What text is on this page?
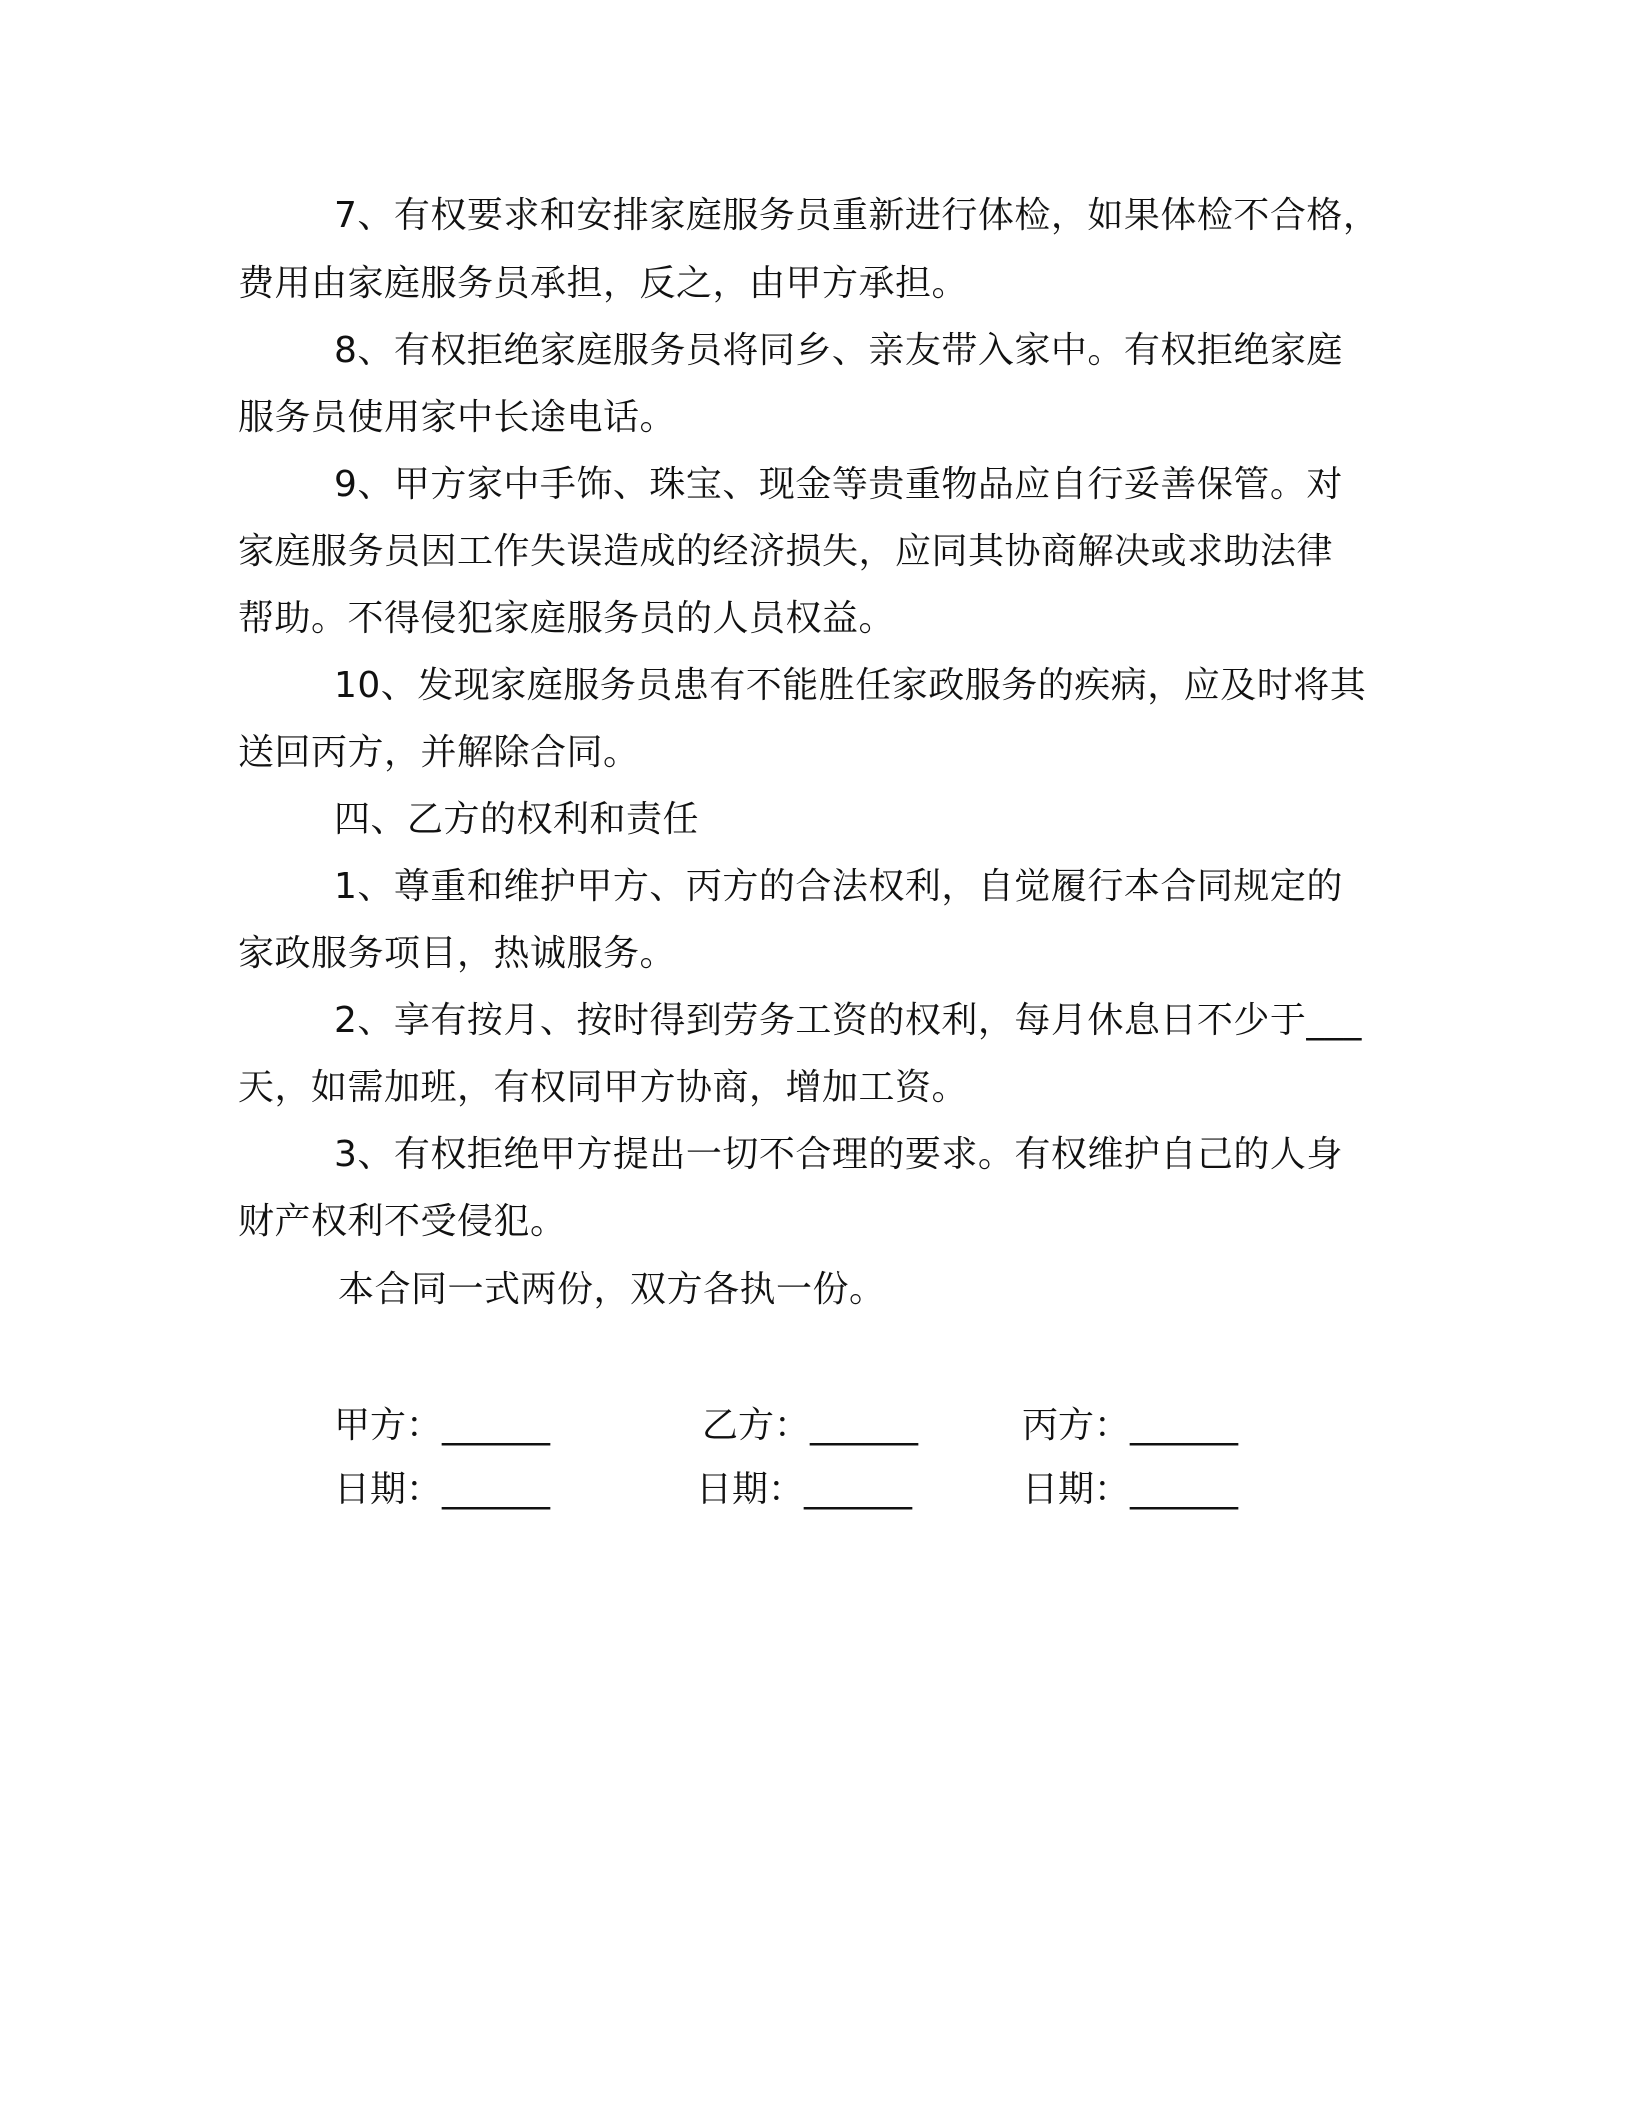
7、有权要求和安排家庭服务员重新进行体检，如果体检不合格，
费用由家庭服务员承担，反之，由甲方承担。
8、有权拒绝家庭服务员将同乡、亲友带入家中。有权拒绝家庭
服务员使用家中长途电话。
9、甲方家中手饰、珠宝、现金等贵重物品应自行妥善保管。对
家庭服务员因工作失误造成的经济损失，应同其协商解决或求助法律
帮助。不得侵犯家庭服务员的人员权益。
10、发现家庭服务员患有不能胜任家政服务的疾病，应及时将其
送回丙方，并解除合同。
四、乙方的权利和责任
1、尊重和维护甲方、丙方的合法权利，自觉履行本合同规定的
家政服务项目，热诚服务。
2、享有按月、按时得到劳务工资的权利，每月休息日不少于___
天，如需加班，有权同甲方协商，增加工资。
3、有权拒绝甲方提出一切不合理的要求。有权维护自己的人身
财产权利不受侵犯。
本合同一式两份，双方各执一份。
甲方：______	乙方：______	丙方：______
日期：______	日期：______	日期：______
